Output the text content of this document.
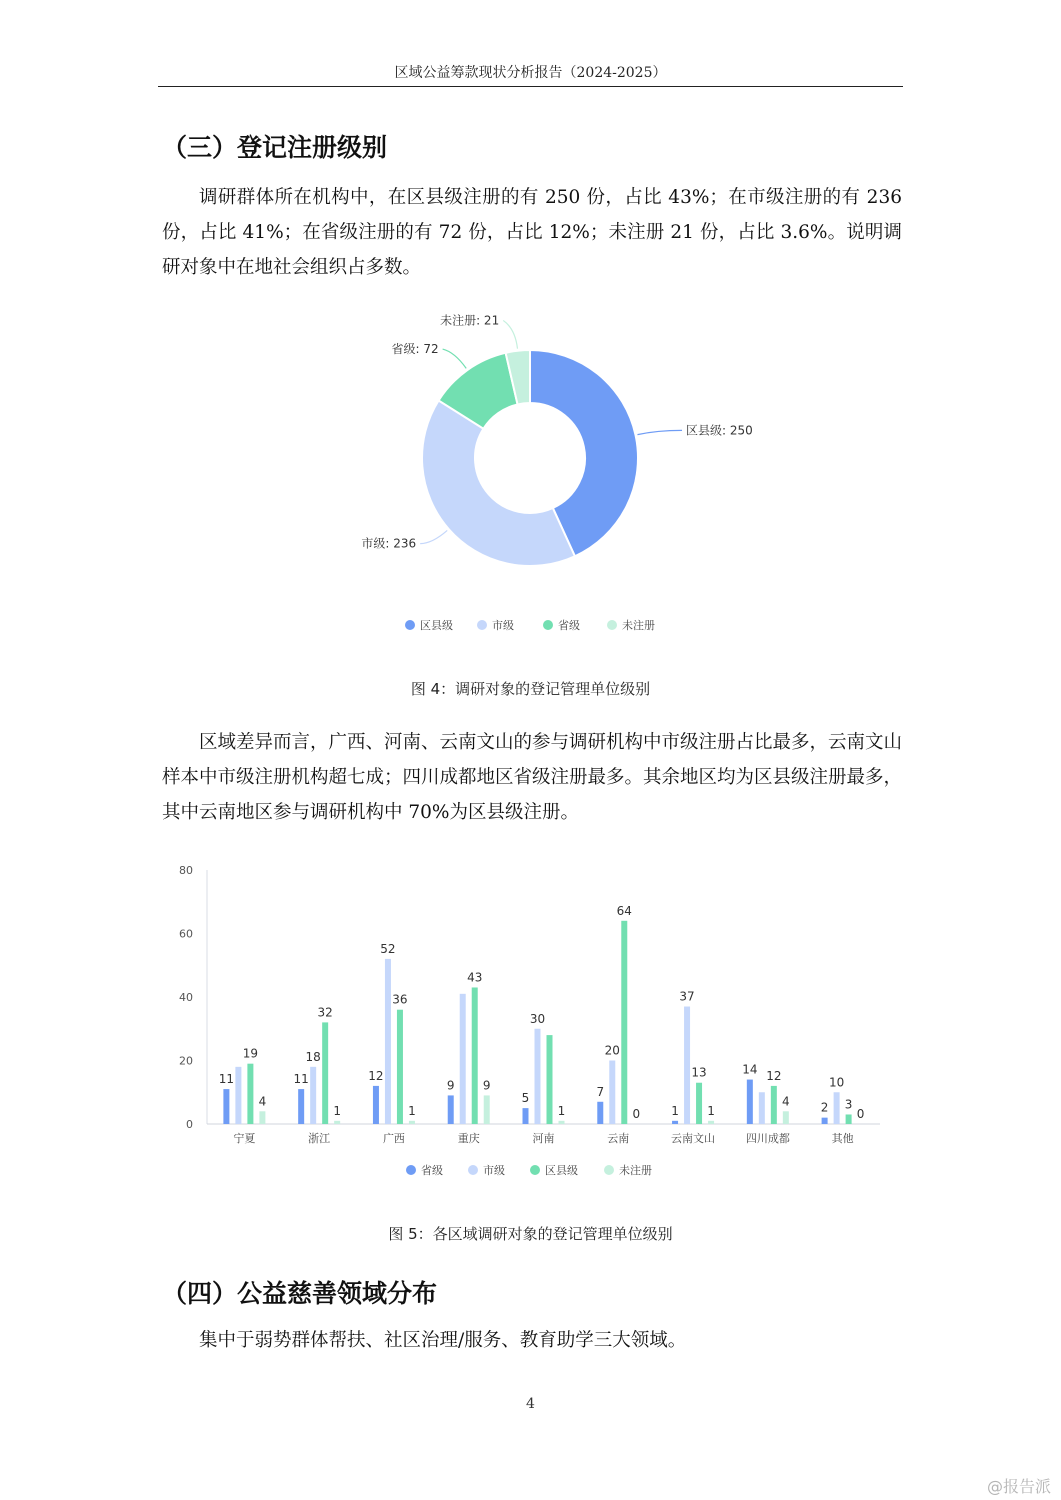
区域公益筹款现状分析报告（2024-2025）
（三）登记注册级别

调研群体所在机构中，在区县级注册的有 250 份，占比 43%；在市级注册的有 236 份，占比 41%；在省级注册的有 72 份，占比 12%；未注册 21 份，占比 3.6%。说明调研对象中在地社会组织占多数。

区县级: 250
市级: 236
省级: 72
未注册: 21
区县级	市级	省级	未注册
图 4：调研对象的登记管理单位级别

区域差异而言，广西、河南、云南文山的参与调研机构中市级注册占比最多，云南文山样本中市级注册机构超七成；四川成都地区省级注册最多。其余地区均为区县级注册最多，其中云南地区参与调研机构中 70%为区县级注册。

0
20
40
60
80
11
19
4
宁夏
11
18
32
1
浙江
12
52
36
1
广西
9
43
9
重庆
5
30
1
河南
7
20
64
0
云南
1
37
13
1
云南文山
14 12
4
四川成都
2
10
3
0
其他
省级	市级	区县级	未注册
图 5：各区域调研对象的登记管理单位级别
（四）公益慈善领域分布

集中于弱势群体帮扶、社区治理/服务、教育助学三大领域。

4
@报告派
